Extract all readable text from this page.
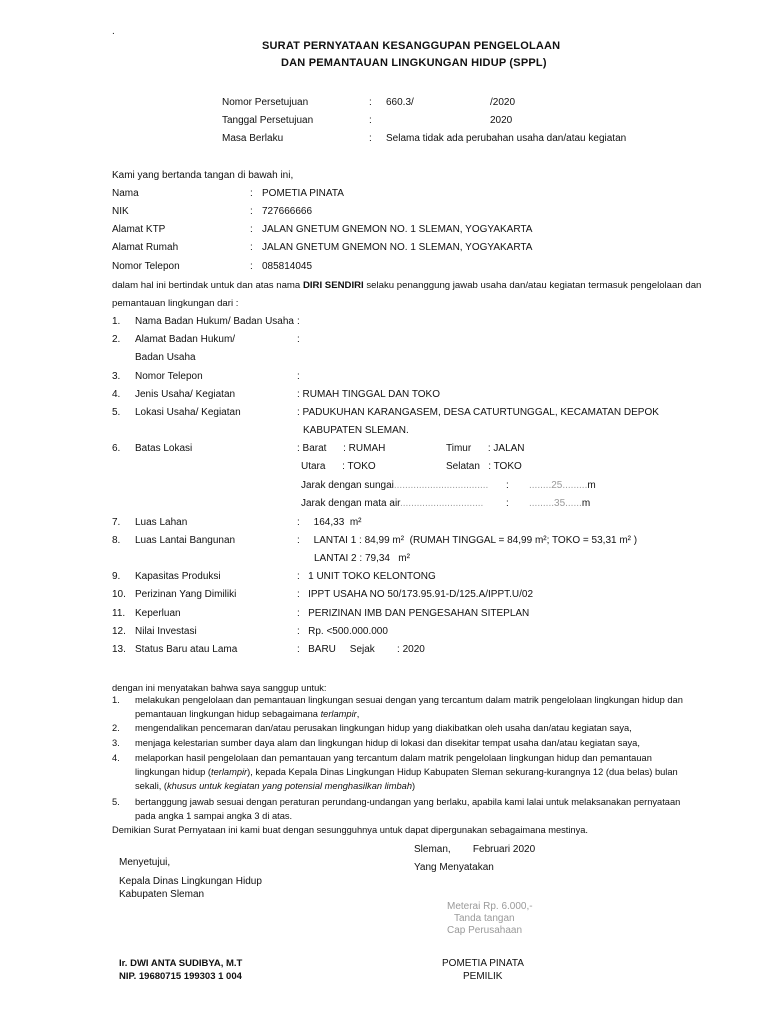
.
SURAT PERNYATAAN KESANGGUPAN PENGELOLAAN
DAN PEMANTAUAN LINGKUNGAN HIDUP (SPPL)
Nomor Persetujuan	: 660.3/	/2020
Tanggal Persetujuan	:	2020
Masa Berlaku	: Selama tidak ada perubahan usaha dan/atau kegiatan
Kami yang bertanda tangan di bawah ini,
Nama	: POMETIA PINATA
NIK	: 727666666
Alamat KTP	: JALAN GNETUM GNEMON NO. 1 SLEMAN, YOGYAKARTA
Alamat Rumah	: JALAN GNETUM GNEMON NO. 1 SLEMAN, YOGYAKARTA
Nomor Telepon	: 085814045
dalam hal ini bertindak untuk dan atas nama DIRI SENDIRI selaku penanggung jawab usaha dan/atau kegiatan termasuk pengelolaan dan
pemantauan lingkungan dari :
1. Nama Badan Hukum/ Badan Usaha :
2. Alamat Badan Hukum/
Badan Usaha
:
3. Nomor Telepon	:
4. Jenis Usaha/ Kegiatan	: RUMAH TINGGAL DAN TOKO
5. Lokasi Usaha/ Kegiatan	: PADUKUHAN KARANGASEM, DESA CATURTUNGGAL, KECAMATAN DEPOK
KABUPATEN SLEMAN.
6. Batas Lokasi	: Barat      : RUMAH	Timur      : JALAN
Utara      : TOKO	Selatan   : TOKO
Jarak dengan sungai.................................. : ........25.........m
Jarak dengan mata air.............................. : .........35......m
7. Luas Lahan	:     164,33  m²
8. Luas Lantai Bangunan	:     LANTAI 1 : 84,99 m²  (RUMAH TINGGAL = 84,99 m²; TOKO = 53,31 m² )
LANTAI 2 : 79,34   m²
9. Kapasitas Produksi	:   1 UNIT TOKO KELONTONG
10. Perizinan Yang Dimiliki	:   IPPT USAHA NO 50/173.95.91-D/125.A/IPPT.U/02
11. Keperluan	:   PERIZINAN IMB DAN PENGESAHAN SITEPLAN
12. Nilai Investasi	:   Rp. <500.000.000
13. Status Baru atau Lama	:   BARU     Sejak        : 2020
dengan ini menyatakan bahwa saya sanggup untuk:
1. melakukan pengelolaan dan pemantauan lingkungan sesuai dengan yang tercantum dalam matrik pengelolaan lingkungan hidup dan
pemantauan lingkungan hidup sebagaimana terlampir,
2. mengendalikan pencemaran dan/atau perusakan lingkungan hidup yang diakibatkan oleh usaha dan/atau kegiatan saya,
3. menjaga kelestarian sumber daya alam dan lingkungan hidup di lokasi dan disekitar tempat usaha dan/atau kegiatan saya,
4. melaporkan hasil pengelolaan dan pemantauan yang tercantum dalam matrik pengelolaan lingkungan hidup dan pemantauan
lingkungan hidup (terlampir), kepada Kepala Dinas Lingkungan Hidup Kabupaten Sleman sekurang-kurangnya 12 (dua belas) bulan
sekali, (khusus untuk kegiatan yang potensial menghasilkan limbah)
5. bertanggung jawab sesuai dengan peraturan perundang-undangan yang berlaku, apabila kami lalai untuk melaksanakan pernyataan
pada angka 1 sampai angka 3 di atas.
Demikian Surat Pernyataan ini kami buat dengan sesungguhnya untuk dapat dipergunakan sebagaimana mestinya.
Sleman,        Februari 2020
Yang Menyatakan
Menyetujui,
Kepala Dinas Lingkungan Hidup
Kabupaten Sleman
Meterai Rp. 6.000,-
Tanda tangan
Cap Perusahaan
Ir. DWI ANTA SUDIBYA, M.T
NIP. 19680715 199303 1 004
POMETIA PINATA
PEMILIK
